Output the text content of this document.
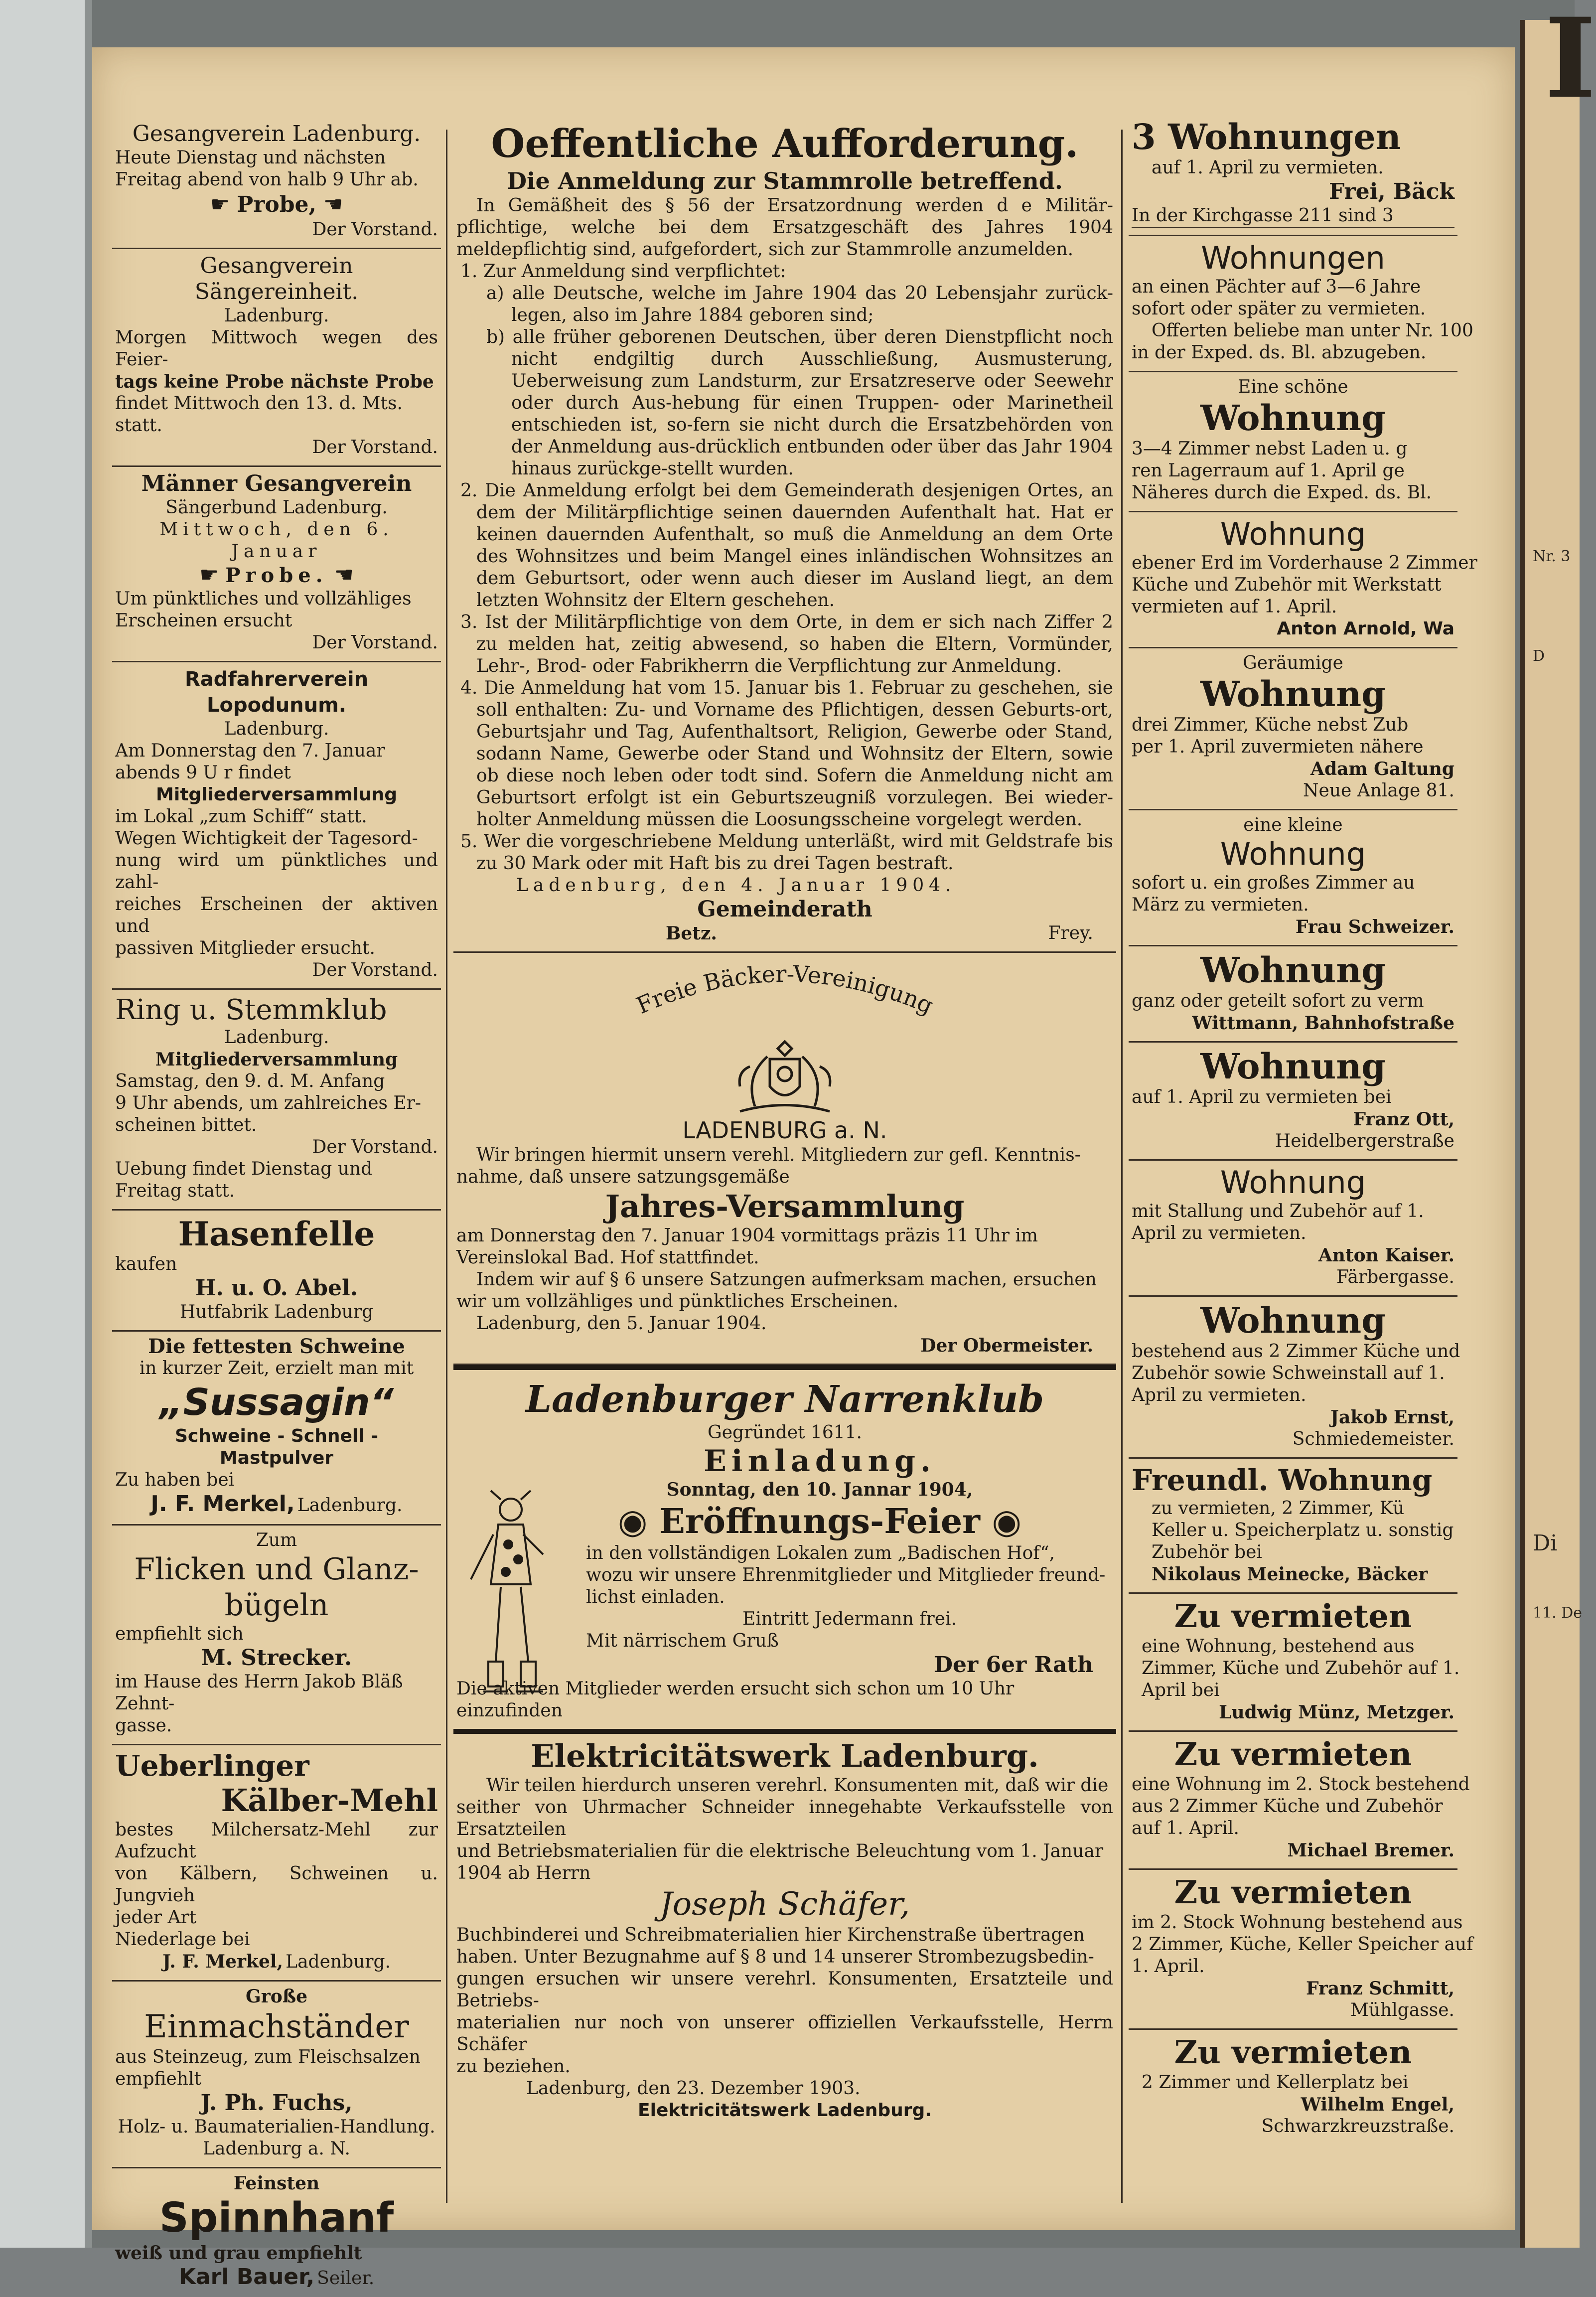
I
Nr. 3
D
Di
11. De
Gesangverein Ladenburg.
Heute Dienstag und nächsten
Freitag abend von halb 9 Uhr ab.
☛ Probe, ☚
Der Vorstand.
Gesangverein Sängereinheit.
Ladenburg.
Morgen Mittwoch wegen des Feier-
tags keine Probe nächste Probe
findet Mittwoch den 13. d. Mts.
statt.
Der Vorstand.
Männer Gesangverein
Sängerbund Ladenburg.
Mittwoch, den 6. Januar
☛ Probe. ☚
Um pünktliches und vollzähliges
Erscheinen ersucht
Der Vorstand.
Radfahrerverein Lopodunum.
Ladenburg.
Am Donnerstag den 7. Januar
abends 9 U r findet
Mitgliederversammlung
im Lokal „zum Schiff“ statt.
Wegen Wichtigkeit der Tagesord-
nung wird um pünktliches und zahl-
reiches Erscheinen der aktiven und
passiven Mitglieder ersucht.
Der Vorstand.
Ring u. Stemmklub
Ladenburg.
Mitgliederversammlung
Samstag, den 9. d. M. Anfang
9 Uhr abends, um zahlreiches Er-
scheinen bittet.
Der Vorstand.
Uebung findet Dienstag und
Freitag statt.
Hasenfelle
kaufen
H. u. O. Abel.
Hutfabrik Ladenburg
Die fettesten Schweine
in kurzer Zeit, erzielt man mit
„Sussagin“
Schweine - Schnell - Mastpulver
Zu haben bei
J. F. Merkel, Ladenburg.
Zum
Flicken und Glanz-
bügeln
empfiehlt sich
M. Strecker.
im Hause des Herrn Jakob Bläß Zehnt-
gasse.
Ueberlinger
Kälber-Mehl
bestes Milchersatz-Mehl zur Aufzucht
von Kälbern, Schweinen u. Jungvieh
jeder Art
Niederlage bei
J. F. Merkel, Ladenburg.
Große
Einmachständer
aus Steinzeug, zum Fleischsalzen
empfiehlt
J. Ph. Fuchs,
Holz- u. Baumaterialien-Handlung.
Ladenburg a. N.
Feinsten
Spinnhanf
weiß und grau empfiehlt
Karl Bauer, Seiler.
Oeffentliche Aufforderung.
Die Anmeldung zur Stammrolle betreffend.
In Gemäßheit des § 56 der Ersatzordnung werden d e Militär-pflichtige, welche bei dem Ersatzgeschäft des Jahres 1904 meldepflichtig sind, aufgefordert, sich zur Stammrolle anzumelden.
1. Zur Anmeldung sind verpflichtet:
a) alle Deutsche, welche im Jahre 1904 das 20 Lebensjahr zurück-legen, also im Jahre 1884 geboren sind;
b) alle früher geborenen Deutschen, über deren Dienstpflicht noch nicht endgiltig durch Ausschließung, Ausmusterung, Ueberweisung zum Landsturm, zur Ersatzreserve oder Seewehr oder durch Aus-hebung für einen Truppen- oder Marinetheil entschieden ist, so-fern sie nicht durch die Ersatzbehörden von der Anmeldung aus-drücklich entbunden oder über das Jahr 1904 hinaus zurückge-stellt wurden.
2. Die Anmeldung erfolgt bei dem Gemeinderath desjenigen Ortes, an dem der Militärpflichtige seinen dauernden Aufenthalt hat. Hat er keinen dauernden Aufenthalt, so muß die Anmeldung an dem Orte des Wohnsitzes und beim Mangel eines inländischen Wohnsitzes an dem Geburtsort, oder wenn auch dieser im Ausland liegt, an dem letzten Wohnsitz der Eltern geschehen.
3. Ist der Militärpflichtige von dem Orte, in dem er sich nach Ziffer 2 zu melden hat, zeitig abwesend, so haben die Eltern, Vormünder, Lehr-, Brod- oder Fabrikherrn die Verpflichtung zur Anmeldung.
4. Die Anmeldung hat vom 15. Januar bis 1. Februar zu geschehen, sie soll enthalten: Zu- und Vorname des Pflichtigen, dessen Geburts-ort, Geburtsjahr und Tag, Aufenthaltsort, Religion, Gewerbe oder Stand, sodann Name, Gewerbe oder Stand und Wohnsitz der Eltern, sowie ob diese noch leben oder todt sind. Sofern die Anmeldung nicht am Geburtsort erfolgt ist ein Geburtszeugniß vorzulegen. Bei wieder-holter Anmeldung müssen die Loosungsscheine vorgelegt werden.
5. Wer die vorgeschriebene Meldung unterläßt, wird mit Geldstrafe bis zu 30 Mark oder mit Haft bis zu drei Tagen bestraft.
Ladenburg, den 4. Januar 1904.
Gemeinderath
Betz.	Frey.
Freie Bäcker-Vereinigung
LADENBURG a. N.
Wir bringen hiermit unsern verehl. Mitgliedern zur gefl. Kenntnis-
nahme, daß unsere satzungsgemäße
Jahres-Versammlung
am Donnerstag den 7. Januar 1904 vormittags präzis 11 Uhr im
Vereinslokal Bad. Hof stattfindet.
Indem wir auf § 6 unsere Satzungen aufmerksam machen, ersuchen
wir um vollzähliges und pünktliches Erscheinen.
Ladenburg, den 5. Januar 1904.
Der Obermeister.
Ladenburger Narrenklub
Gegründet 1611.
Einladung.
Sonntag, den 10. Jannar 1904,
◉ Eröffnungs-Feier ◉
in den vollständigen Lokalen zum „Badischen Hof“,
wozu wir unsere Ehrenmitglieder und Mitglieder freund-
lichst einladen.
Eintritt Jedermann frei.
Mit närrischem Gruß
Der 6er Rath
Die aktiven Mitglieder werden ersucht sich schon um 10 Uhr einzufinden
Elektricitätswerk Ladenburg.
Wir teilen hierdurch unseren verehrl. Konsumenten mit, daß wir die
seither von Uhrmacher Schneider innegehabte Verkaufsstelle von Ersatzteilen
und Betriebsmaterialien für die elektrische Beleuchtung vom 1. Januar
1904 ab Herrn
Joseph Schäfer,
Buchbinderei und Schreibmaterialien hier Kirchenstraße übertragen
haben. Unter Bezugnahme auf § 8 und 14 unserer Strombezugsbedin-
gungen ersuchen wir unsere verehrl. Konsumenten, Ersatzteile und Betriebs-
materialien nur noch von unserer offiziellen Verkaufsstelle, Herrn Schäfer
zu beziehen.
Ladenburg, den 23. Dezember 1903.
Elektricitätswerk Ladenburg.
3 Wohnungen
auf 1. April zu vermieten.
Frei, Bäck
In der Kirchgasse 211 sind 3
Wohnungen
an einen Pächter auf 3—6 Jahre
sofort oder später zu vermieten.
Offerten beliebe man unter Nr. 100
in der Exped. ds. Bl. abzugeben.
Eine schöne
Wohnung
3—4 Zimmer nebst Laden u. g
ren Lagerraum auf 1. April ge
Näheres durch die Exped. ds. Bl.
Wohnung
ebener Erd im Vorderhause 2 Zimmer
Küche und Zubehör mit Werkstatt
vermieten auf 1. April.
Anton Arnold, Wa
Geräumige
Wohnung
drei Zimmer, Küche nebst Zub
per 1. April zuvermieten nähere
Adam Galtung
Neue Anlage 81.
eine kleine
Wohnung
sofort u. ein großes Zimmer au
März zu vermieten.
Frau Schweizer.
Wohnung
ganz oder geteilt sofort zu verm
Wittmann, Bahnhofstraße
Wohnung
auf 1. April zu vermieten bei
Franz Ott,
Heidelbergerstraße
Wohnung
mit Stallung und Zubehör auf 1.
April zu vermieten.
Anton Kaiser.
Färbergasse.
Wohnung
bestehend aus 2 Zimmer Küche und
Zubehör sowie Schweinstall auf 1.
April zu vermieten.
Jakob Ernst,
Schmiedemeister.
Freundl. Wohnung
zu vermieten, 2 Zimmer, Kü
Keller u. Speicherplatz u. sonstig
Zubehör bei
Nikolaus Meinecke, Bäcker
Zu vermieten
eine Wohnung, bestehend aus
Zimmer, Küche und Zubehör auf 1.
April bei
Ludwig Münz, Metzger.
Zu vermieten
eine Wohnung im 2. Stock bestehend
aus 2 Zimmer Küche und Zubehör
auf 1. April.
Michael Bremer.
Zu vermieten
im 2. Stock Wohnung bestehend aus
2 Zimmer, Küche, Keller Speicher auf
1. April.
Franz Schmitt,
Mühlgasse.
Zu vermieten
2 Zimmer und Kellerplatz bei
Wilhelm Engel,
Schwarzkreuzstraße.
